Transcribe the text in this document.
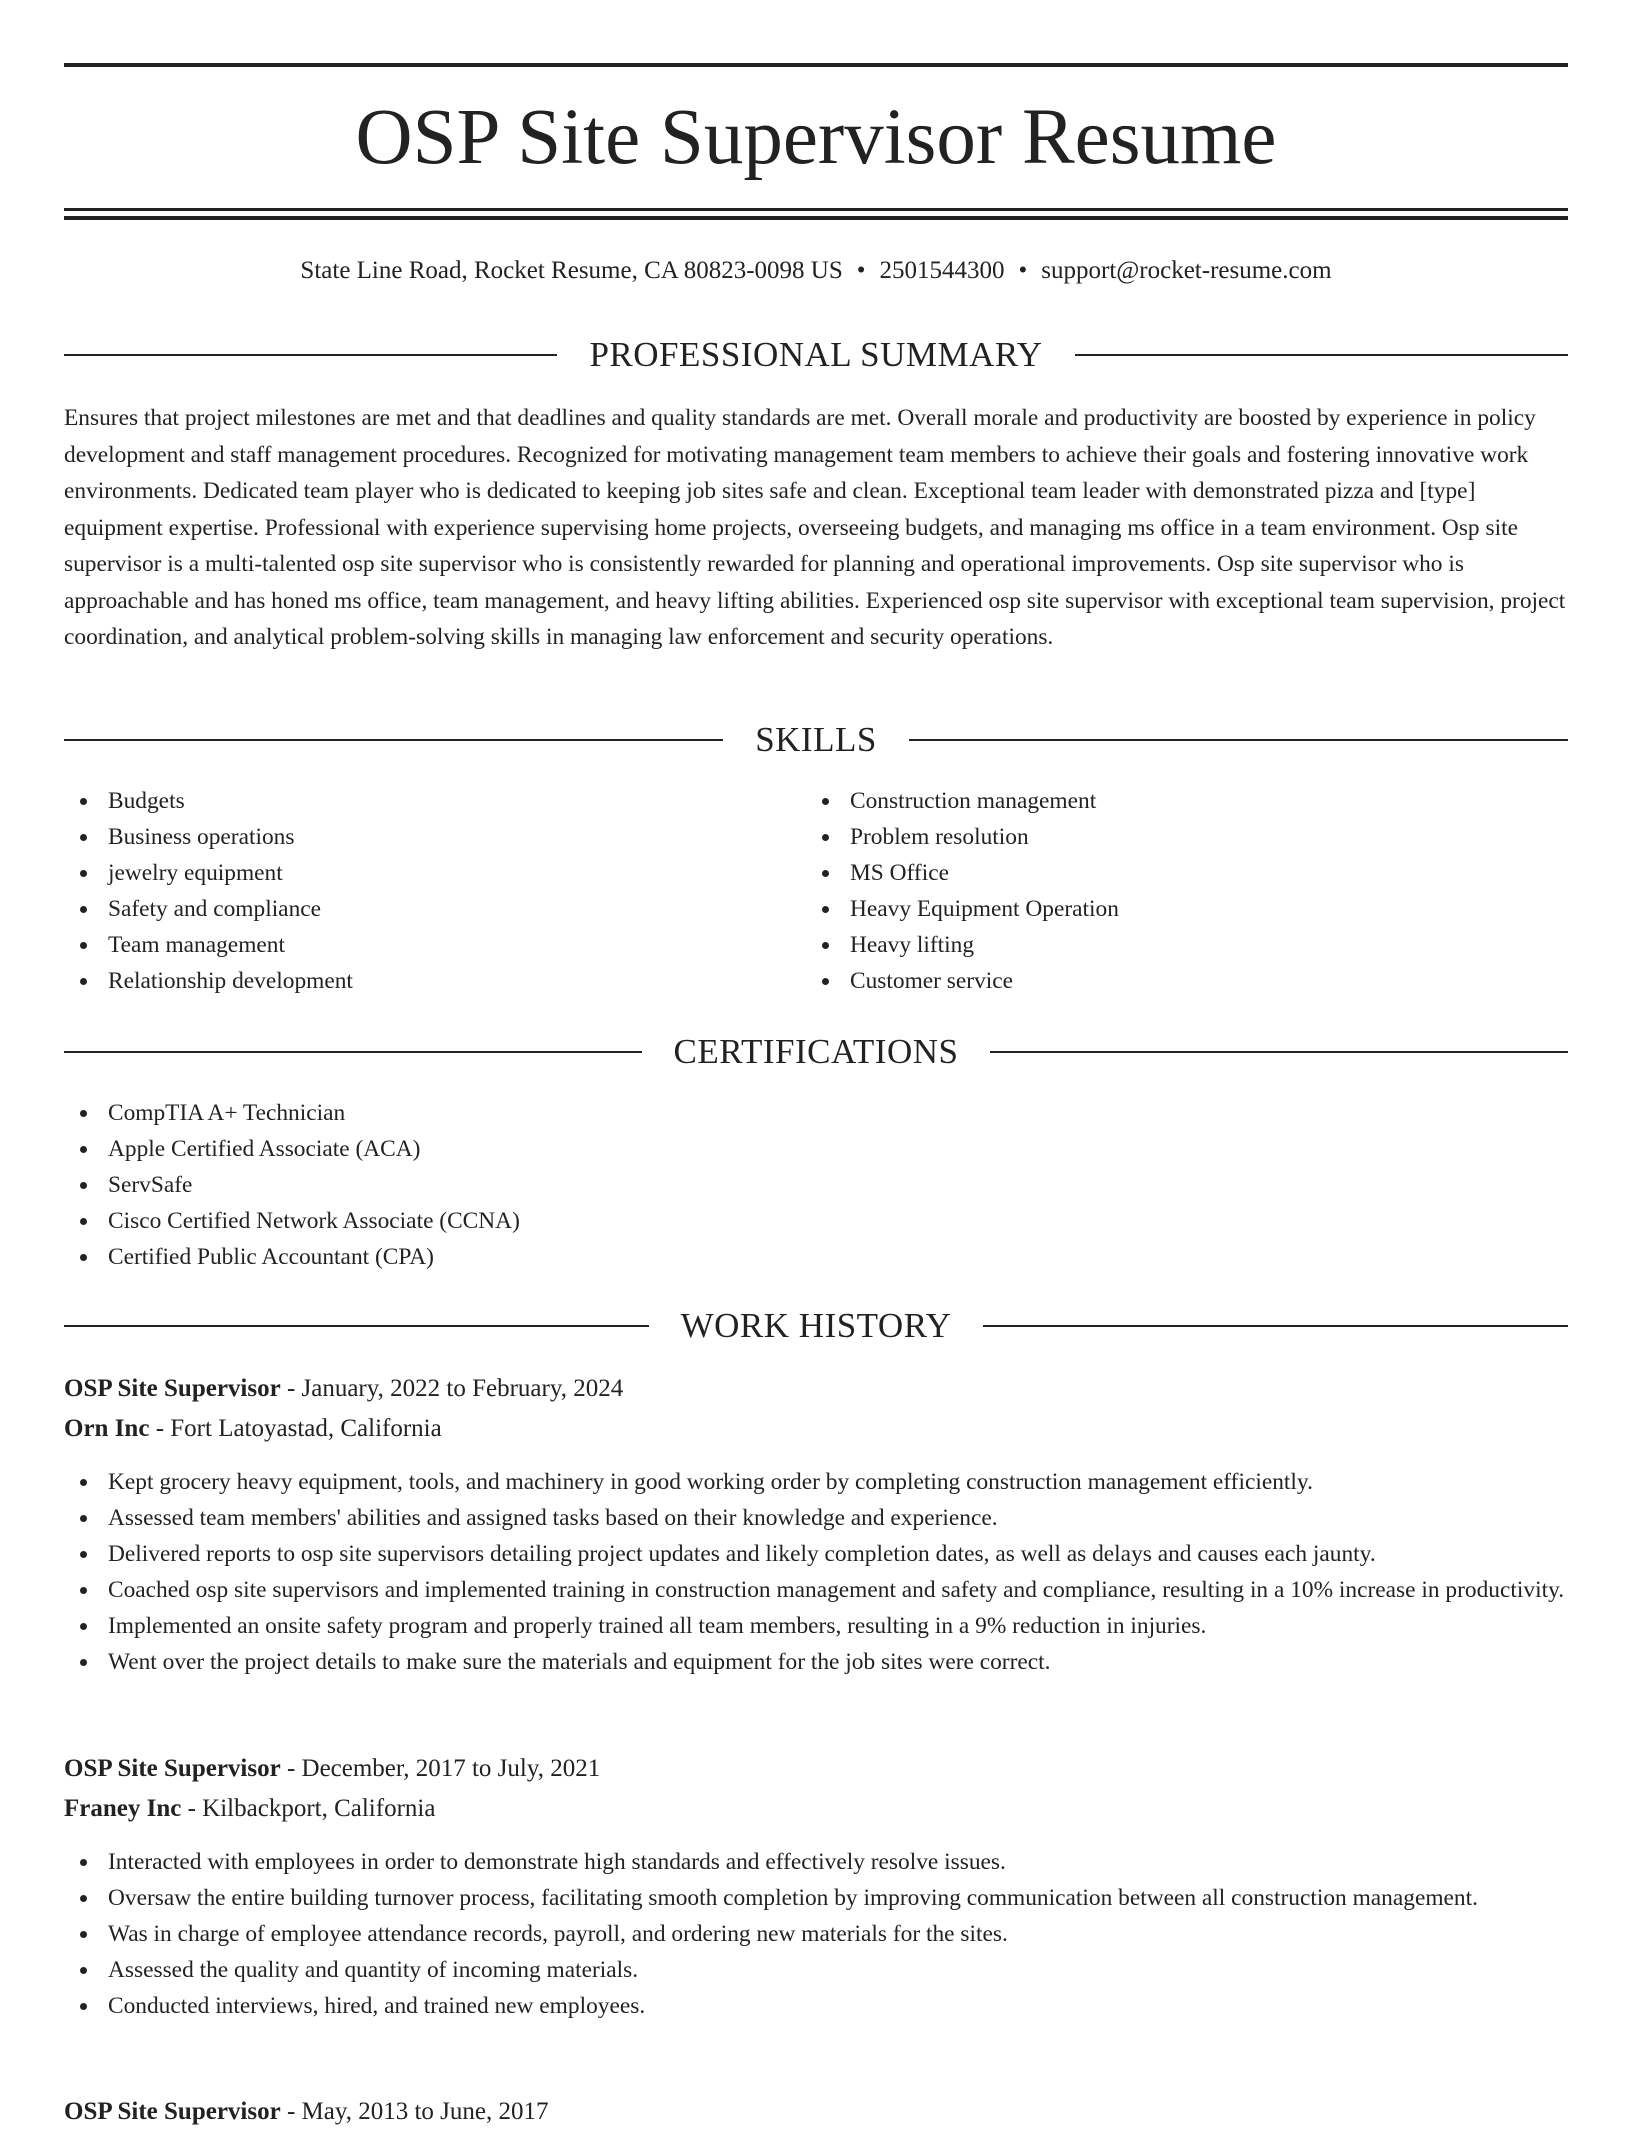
OSP Site Supervisor Resume
State Line Road, Rocket Resume, CA 80823-0098 US • 2501544300 • support@rocket-resume.com
PROFESSIONAL SUMMARY

Ensures that project milestones are met and that deadlines and quality standards are met. Overall morale and productivity are boosted by experience in policy development and staff management procedures. Recognized for motivating management team members to achieve their goals and fostering innovative work environments. Dedicated team player who is dedicated to keeping job sites safe and clean. Exceptional team leader with demonstrated pizza and [type] equipment expertise. Professional with experience supervising home projects, overseeing budgets, and managing ms office in a team environment. Osp site supervisor is a multi-talented osp site supervisor who is consistently rewarded for planning and operational improvements. Osp site supervisor who is approachable and has honed ms office, team management, and heavy lifting abilities. Experienced osp site supervisor with exceptional team supervision, project coordination, and analytical problem-solving skills in managing law enforcement and security operations.

SKILLS
Budgets
Business operations
jewelry equipment
Safety and compliance
Team management
Relationship development
Construction management
Problem resolution
MS Office
Heavy Equipment Operation
Heavy lifting
Customer service
CERTIFICATIONS
CompTIA A+ Technician
Apple Certified Associate (ACA)
ServSafe
Cisco Certified Network Associate (CCNA)
Certified Public Accountant (CPA)
WORK HISTORY
OSP Site Supervisor - January, 2022 to February, 2024
Orn Inc - Fort Latoyastad, California
Kept grocery heavy equipment, tools, and machinery in good working order by completing construction management efficiently.
Assessed team members' abilities and assigned tasks based on their knowledge and experience.
Delivered reports to osp site supervisors detailing project updates and likely completion dates, as well as delays and causes each jaunty.
Coached osp site supervisors and implemented training in construction management and safety and compliance, resulting in a 10% increase in productivity.
Implemented an onsite safety program and properly trained all team members, resulting in a 9% reduction in injuries.
Went over the project details to make sure the materials and equipment for the job sites were correct.
OSP Site Supervisor - December, 2017 to July, 2021
Franey Inc - Kilbackport, California
Interacted with employees in order to demonstrate high standards and effectively resolve issues.
Oversaw the entire building turnover process, facilitating smooth completion by improving communication between all construction management.
Was in charge of employee attendance records, payroll, and ordering new materials for the sites.
Assessed the quality and quantity of incoming materials.
Conducted interviews, hired, and trained new employees.
OSP Site Supervisor - May, 2013 to June, 2017
